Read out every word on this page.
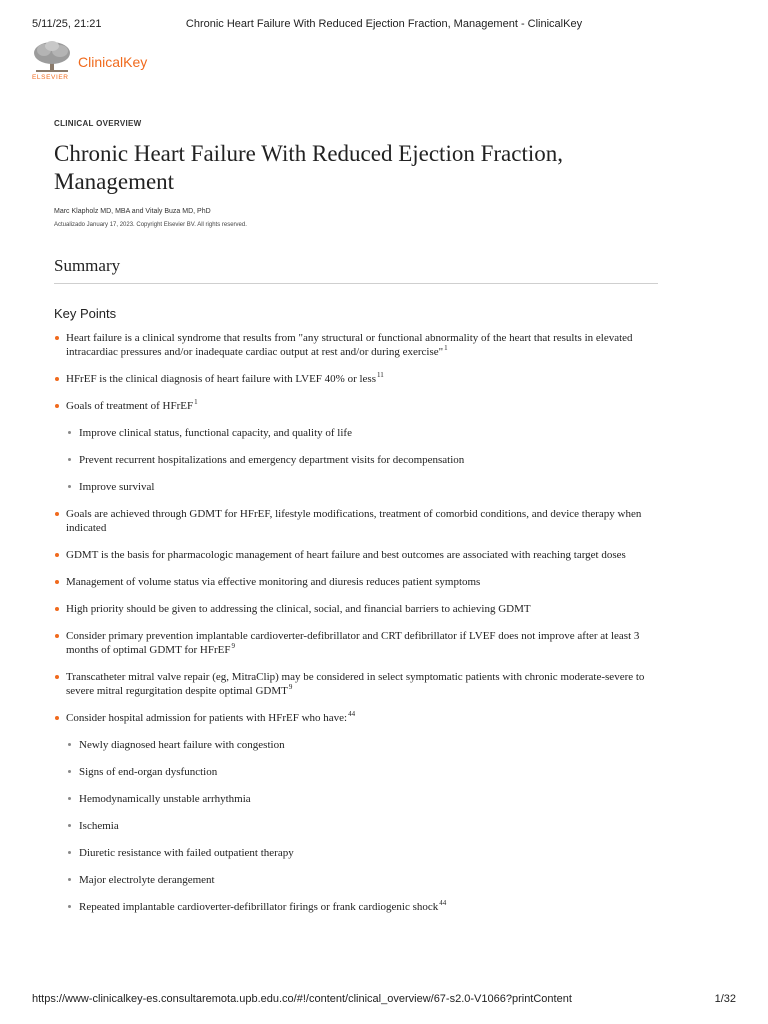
5/11/25, 21:21	Chronic Heart Failure With Reduced Ejection Fraction, Management - ClinicalKey
ClinicalKey
ELSEVIER

CLINICAL OVERVIEW

Chronic Heart Failure With Reduced Ejection Fraction, Management

Marc Klapholz MD, MBA and Vitaly Buza MD, PhD

Actualizado January 17, 2023. Copyright Elsevier BV. All rights reserved.

Summary
Key Points
Heart failure is a clinical syndrome that results from "any structural or functional abnormality of the heart that results in elevated intracardiac pressures and/or inadequate cardiac output at rest and/or during exercise"$^1$
HFrEF is the clinical diagnosis of heart failure with LVEF 40% or less$^{11}$
Goals of treatment of HFrEF$^1$
Improve clinical status, functional capacity, and quality of life
Prevent recurrent hospitalizations and emergency department visits for decompensation
Improve survival
Goals are achieved through GDMT for HFrEF, lifestyle modifications, treatment of comorbid conditions, and device therapy when indicated
GDMT is the basis for pharmacologic management of heart failure and best outcomes are associated with reaching target doses
Management of volume status via effective monitoring and diuresis reduces patient symptoms
High priority should be given to addressing the clinical, social, and financial barriers to achieving GDMT
Consider primary prevention implantable cardioverter-defibrillator and CRT defibrillator if LVEF does not improve after at least 3 months of optimal GDMT for HFrEF$^9$
Transcatheter mitral valve repair (eg, MitraClip) may be considered in select symptomatic patients with chronic moderate-severe to severe mitral regurgitation despite optimal GDMT$^9$
Consider hospital admission for patients with HFrEF who have:$^{44}$
Newly diagnosed heart failure with congestion
Signs of end-organ dysfunction
Hemodynamically unstable arrhythmia
Ischemia
Diuretic resistance with failed outpatient therapy
Major electrolyte derangement
Repeated implantable cardioverter-defibrillator firings or frank cardiogenic shock$^{44}$
https://www-clinicalkey-es.consultaremota.upb.edu.co/#!/content/clinical_overview/67-s2.0-V1066?printContent	1/32
